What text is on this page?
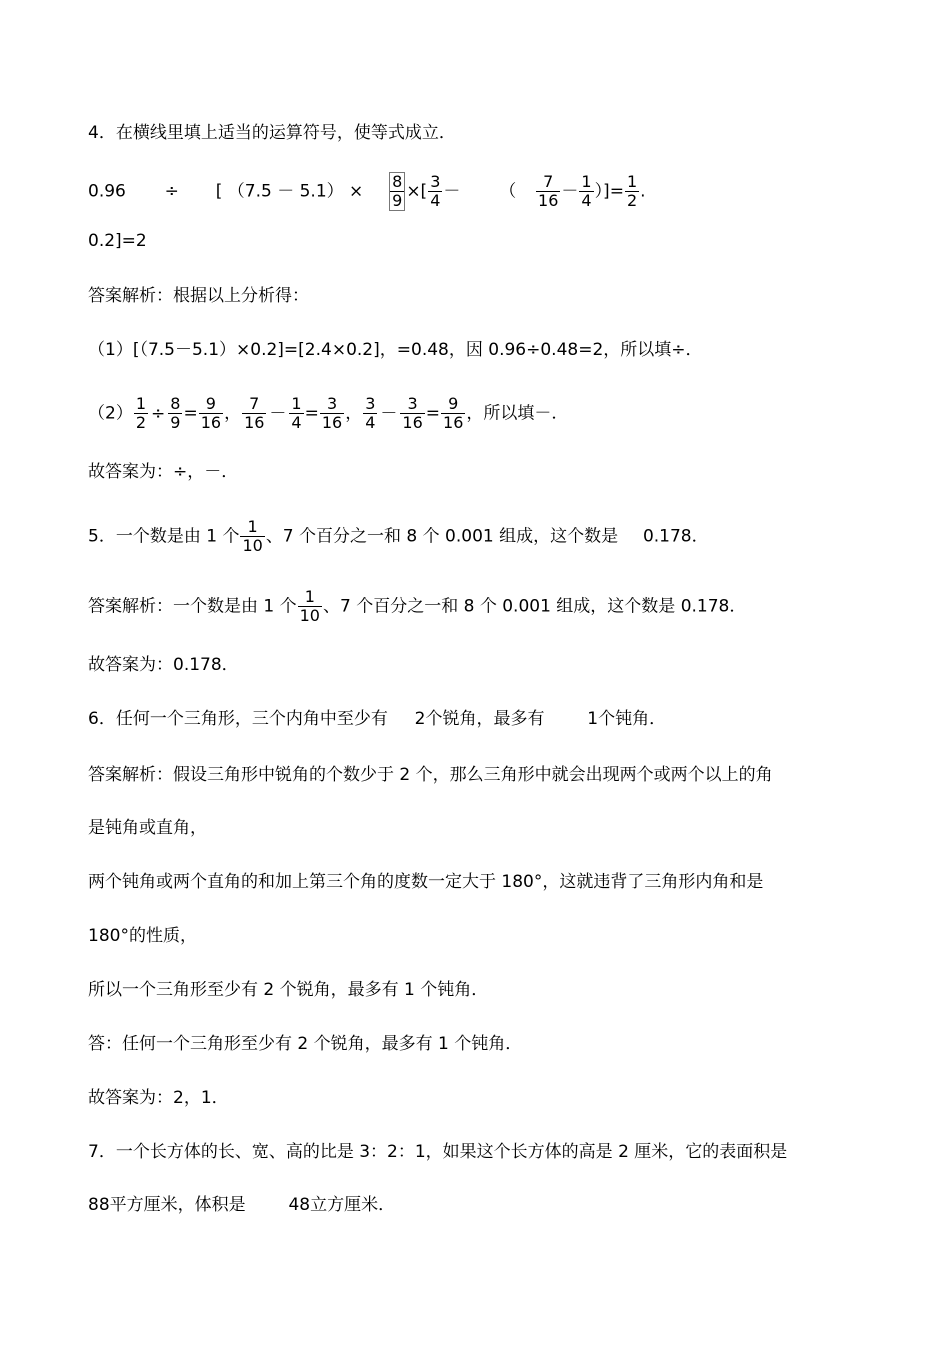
4．在横线里填上适当的运算符号，使等式成立．
0.96 ÷ [ $(7.5 - 5.1) \times \frac{8}{9}$ ×[ $\frac{3}{4}$ － （ $\frac{7}{16} - \frac{1}{4}$ ）]= $\frac{1}{2}$ .
0.2]=2
答案解析：根据以上分析得：
（1）[（7.5－5.1）×0.2]=[2.4×0.2]，=0.48，因 0.96÷0.48=2，所以填÷．
$(2) \frac{1}{2} \div \frac{8}{9} = \frac{9}{16}$ ， $\frac{7}{16} - \frac{1}{4} = \frac{3}{16}$ ， $\frac{3}{4} - \frac{3}{16} = \frac{9}{16}$ ，所以填－．
故答案为：÷，－．
5．一个数是由 1 个 $\frac{1}{10}$ 、7 个百分之一和 8 个 0.001 组成，这个数是 0.178．
答案解析：一个数是由 1 个 $\frac{1}{10}$ 、7 个百分之一和 8 个 0.001 组成，这个数是 0.178．
故答案为：0.178．
6．任何一个三角形，三个内角中至少有 2个锐角，最多有	1个钝角．
答案解析：假设三角形中锐角的个数少于 2 个，那么三角形中就会出现两个或两个以上的角
是钝角或直角，
两个钝角或两个直角的和加上第三个角的度数一定大于 180°，这就违背了三角形内角和是
180°的性质，
所以一个三角形至少有 2 个锐角，最多有 1 个钝角．
答：任何一个三角形至少有 2 个锐角，最多有 1 个钝角．
故答案为：2，1．
7．一个长方体的长、宽、高的比是 3：2：1，如果这个长方体的高是 2 厘米，它的表面积是
88平方厘米，体积是	48立方厘米．
